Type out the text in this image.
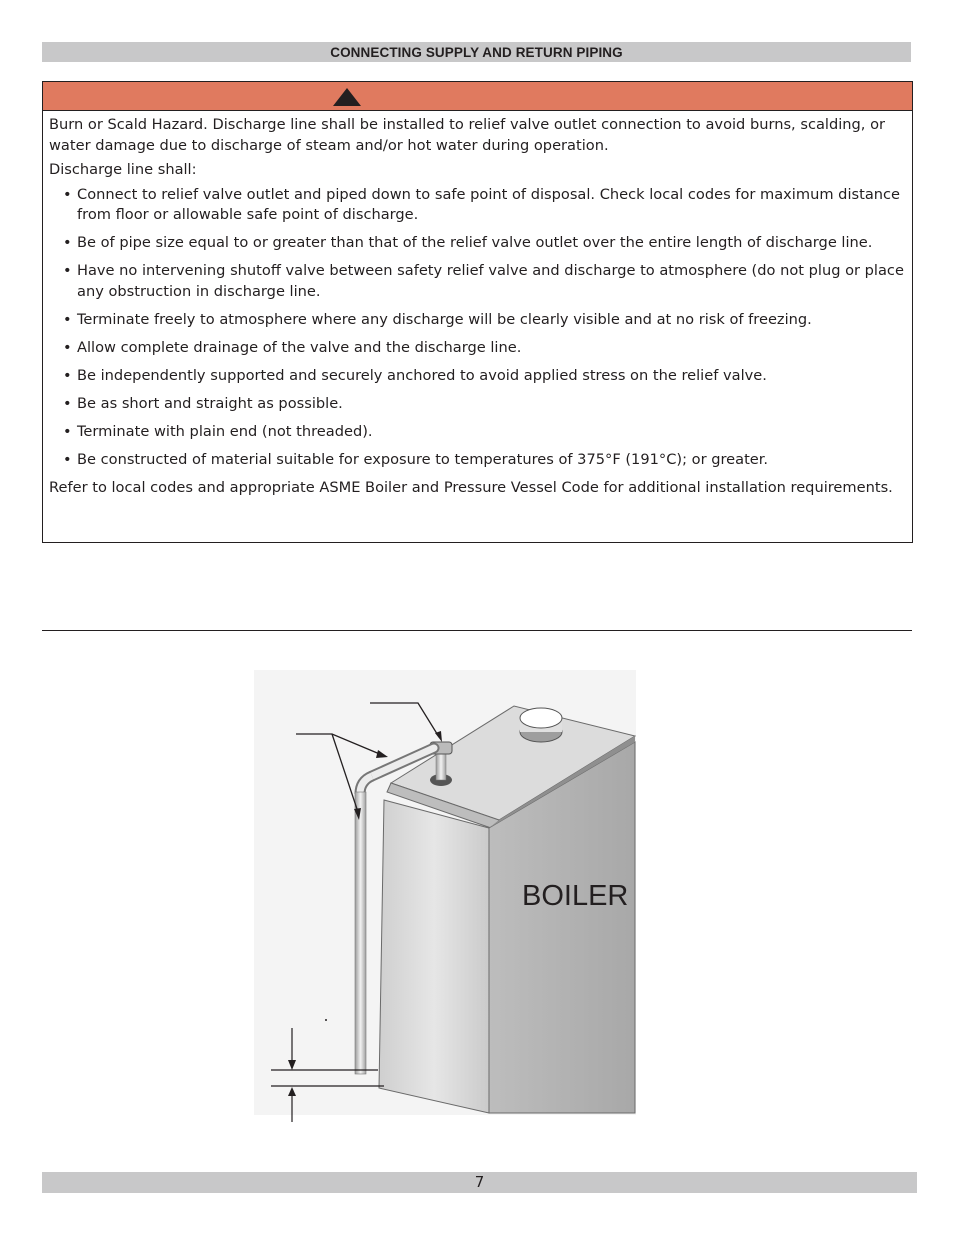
CONNECTING SUPPLY AND RETURN PIPING

Burn or Scald Hazard. Discharge line shall be installed to relief valve outlet connection to avoid burns, scalding, or water damage due to discharge of steam and/or hot water during operation.

Discharge line shall:

• Connect to relief valve outlet and piped down to safe point of disposal. Check local codes for maximum distance from floor or allowable safe point of discharge.
• Be of pipe size equal to or greater than that of the relief valve outlet over the entire length of discharge line.
• Have no intervening shutoff valve between safety relief valve and discharge to atmosphere (do not plug or place any obstruction in discharge line.
• Terminate freely to atmosphere where any discharge will be clearly visible and at no risk of freezing.
• Allow complete drainage of the valve and the discharge line.
• Be independently supported and securely anchored to avoid applied stress on the relief valve.
• Be as short and straight as possible.
• Terminate with plain end (not threaded).
• Be constructed of material suitable for exposure to temperatures of 375°F (191°C); or greater.

Refer to local codes and appropriate ASME Boiler and Pressure Vessel Code for additional installation requirements.

BOILER
7
